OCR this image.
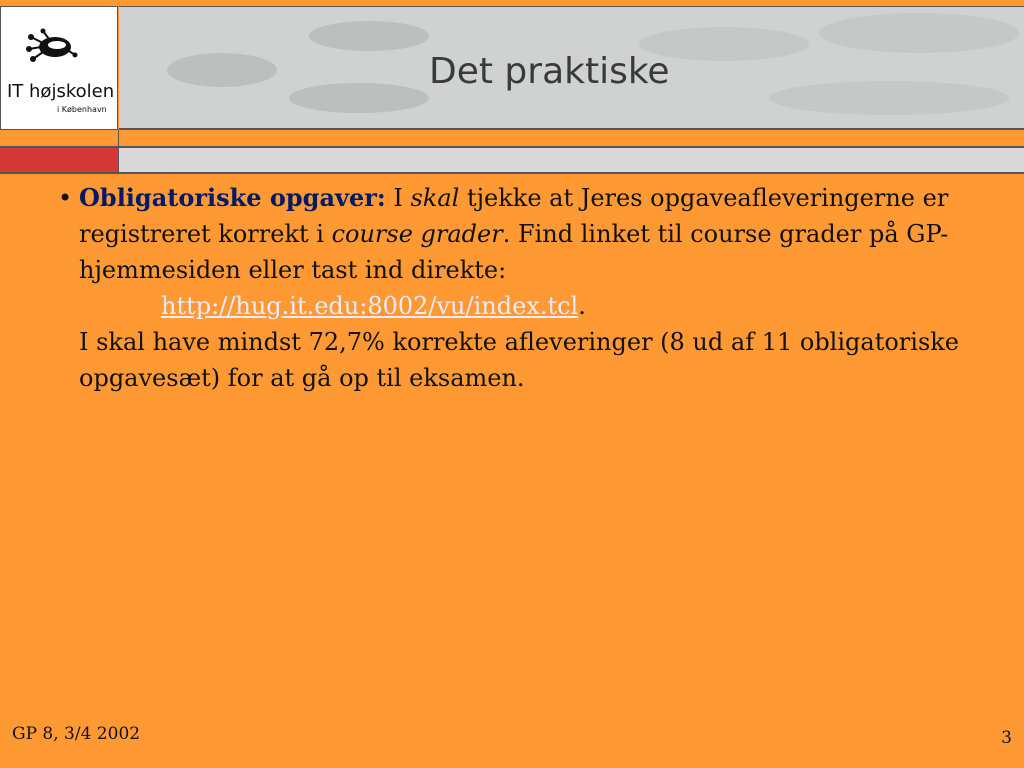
IT højskolen
i København
Det praktiske
• Obligatoriske opgaver: I skal tjekke at Jeres opgaveafleveringerne er registreret korrekt i course grader. Find linket til course grader på GP-hjemmesiden eller tast ind direkte:
http://hug.it.edu:8002/vu/index.tcl.
I skal have mindst 72,7% korrekte afleveringer (8 ud af 11 obligatoriske opgavesæt) for at gå op til eksamen.
GP 8, 3/4 2002	3
